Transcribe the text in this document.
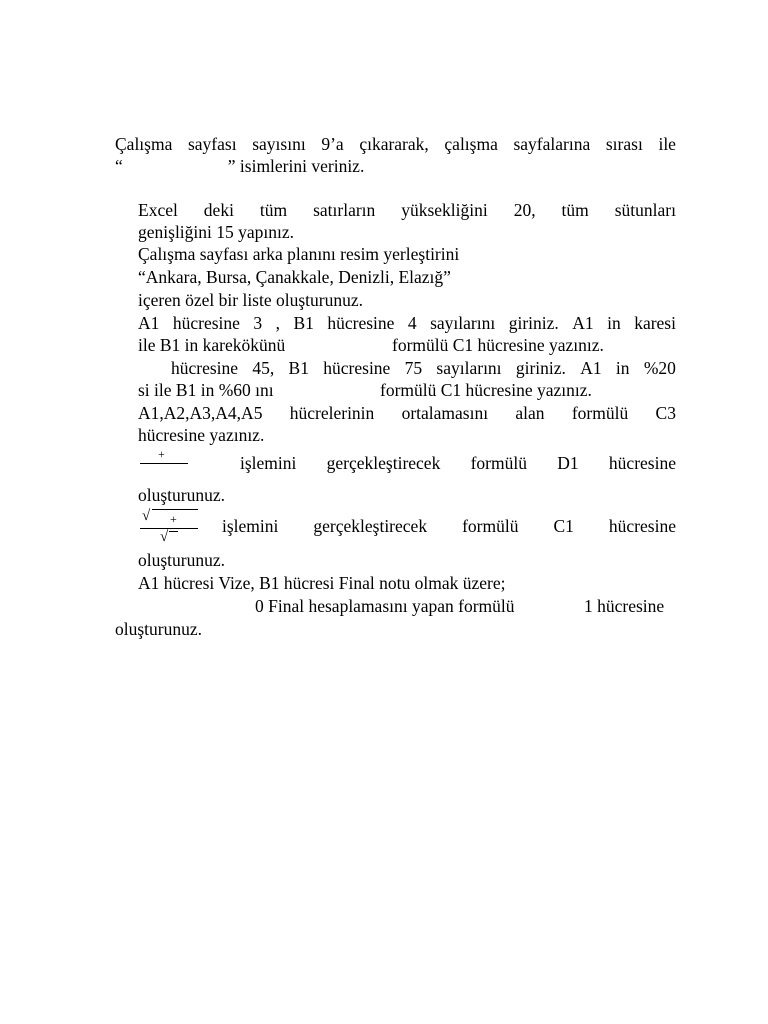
Çalışma sayfası sayısını 9’a çıkararak, çalışma sayfalarına sırası ile
“                        ” isimlerini veriniz.
Excel deki tüm satırların yüksekliğini 20, tüm sütunları
genişliğini 15 yapınız.
Çalışma sayfası arka planını resim yerleştirini
“Ankara, Bursa, Çanakkale, Denizli, Elazığ”
içeren özel bir liste oluşturunuz.
A1 hücresine 3 , B1 hücresine 4 sayılarını giriniz. A1 in karesi
ile B1 in karekökünü	formülü C1 hücresine yazınız.
hücresine 45, B1 hücresine 75 sayılarını giriniz. A1 in %20
si ile B1 in %60 ını	formülü C1 hücresine yazınız.
A1,A2,A3,A4,A5 hücrelerinin ortalamasını alan formülü C3
hücresine yazınız.
+	işlemini gerçekleştirecek formülü D1 hücresine
oluşturunuz.
√ +
√
işlemini gerçekleştirecek formülü C1 hücresine
oluşturunuz.
A1 hücresi Vize, B1 hücresi Final notu olmak üzere;
0 Final hesaplamasını yapan formülü	1 hücresine
oluşturunuz.
